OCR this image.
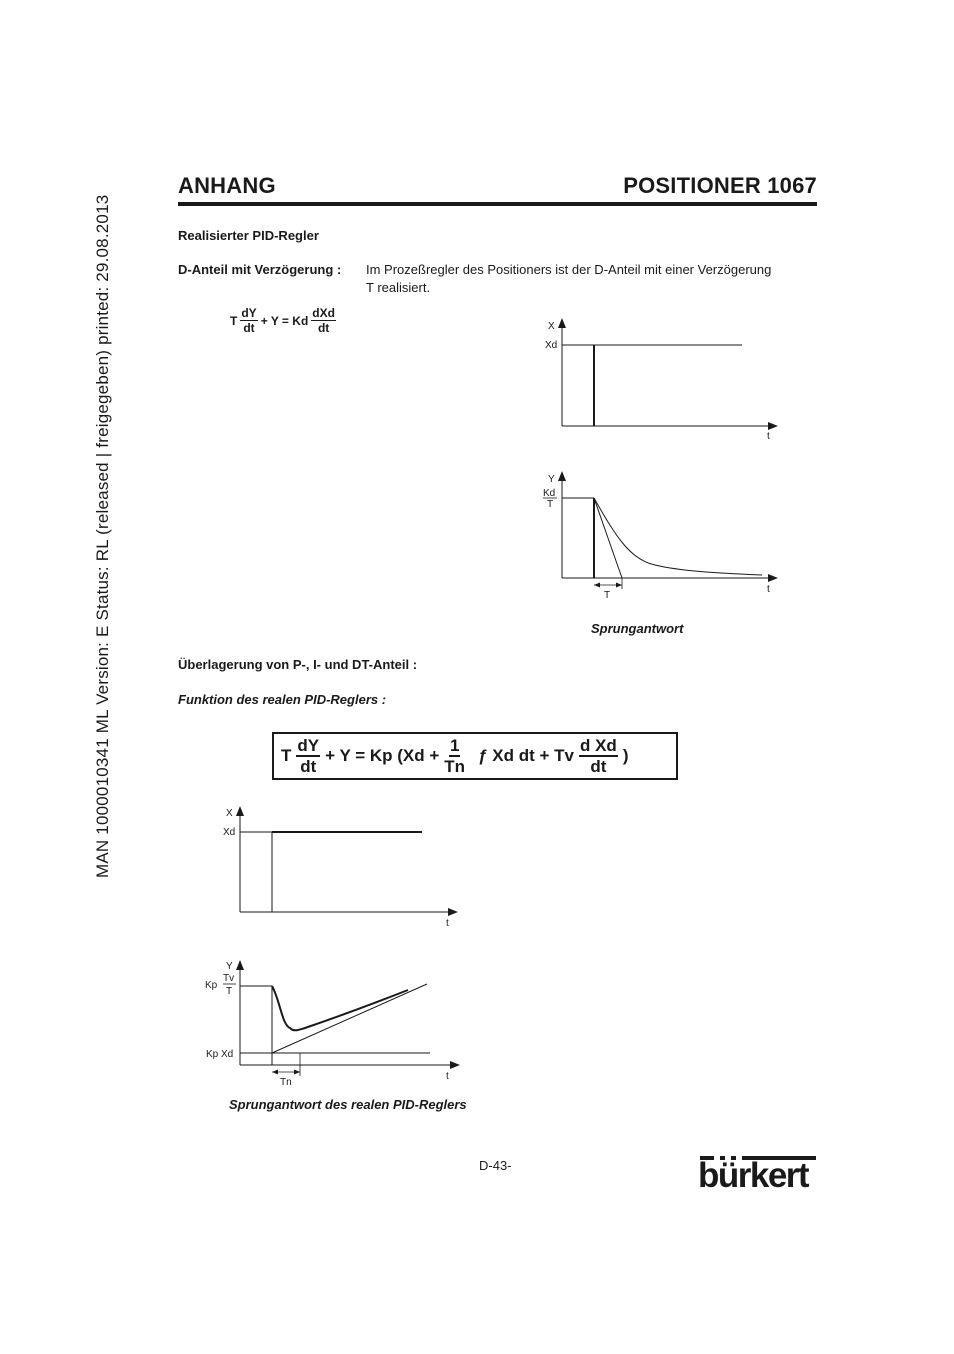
MAN 1000010341 ML Version: E Status: RL (released | freigegeben) printed: 29.08.2013
ANHANG	POSITIONER 1067
Realisierter PID-Regler
D-Anteil mit Verzögerung : Im Prozeßregler des Positioners ist der D-Anteil mit einer Verzögerung
T realisiert.
T $\frac{dY}{dt} + Y = Kd \frac{\text{dXd}}{dt}$	X
Xd
t
Y
Kd
T
T
t
Sprungantwort
Überlagerung von P-, I- und DT-Anteil :
Funktion des realen PID-Reglers :
T $\frac{dY}{dt} + Y = Kp$ ($Xd + \frac{1}{Tn}$ ƒ Xd dt + Tv $\frac{\text{d Xd}}{dt}$ )
X
Xd
t
Y
Kp
Tv
T
Kp Xd
Tn
t
Sprungantwort des realen PID-Reglers
D-43-	bürkert
